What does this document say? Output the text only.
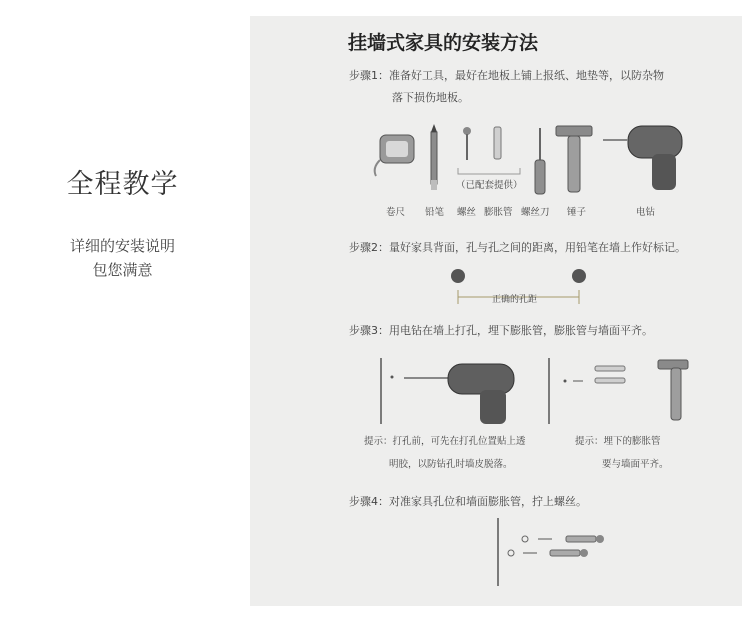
全程教学
详细的安装说明
包您满意
挂墙式家具的安装方法
步骤1：准备好工具，最好在地板上铺上报纸、地垫等，以防杂物
落下损伤地板。
（已配套提供）
卷尺 铅笔 螺丝 膨胀管 螺丝刀 锤子	电钻
步骤2：量好家具背面，孔与孔之间的距离，用铅笔在墙上作好标记。
正确的孔距
步骤3：用电钻在墙上打孔，埋下膨胀管，膨胀管与墙面平齐。
提示：打孔前，可先在打孔位置贴上透
明胶，以防钻孔时墙皮脱落。
提示：埋下的膨胀管
要与墙面平齐。
步骤4：对准家具孔位和墙面膨胀管，拧上螺丝。
